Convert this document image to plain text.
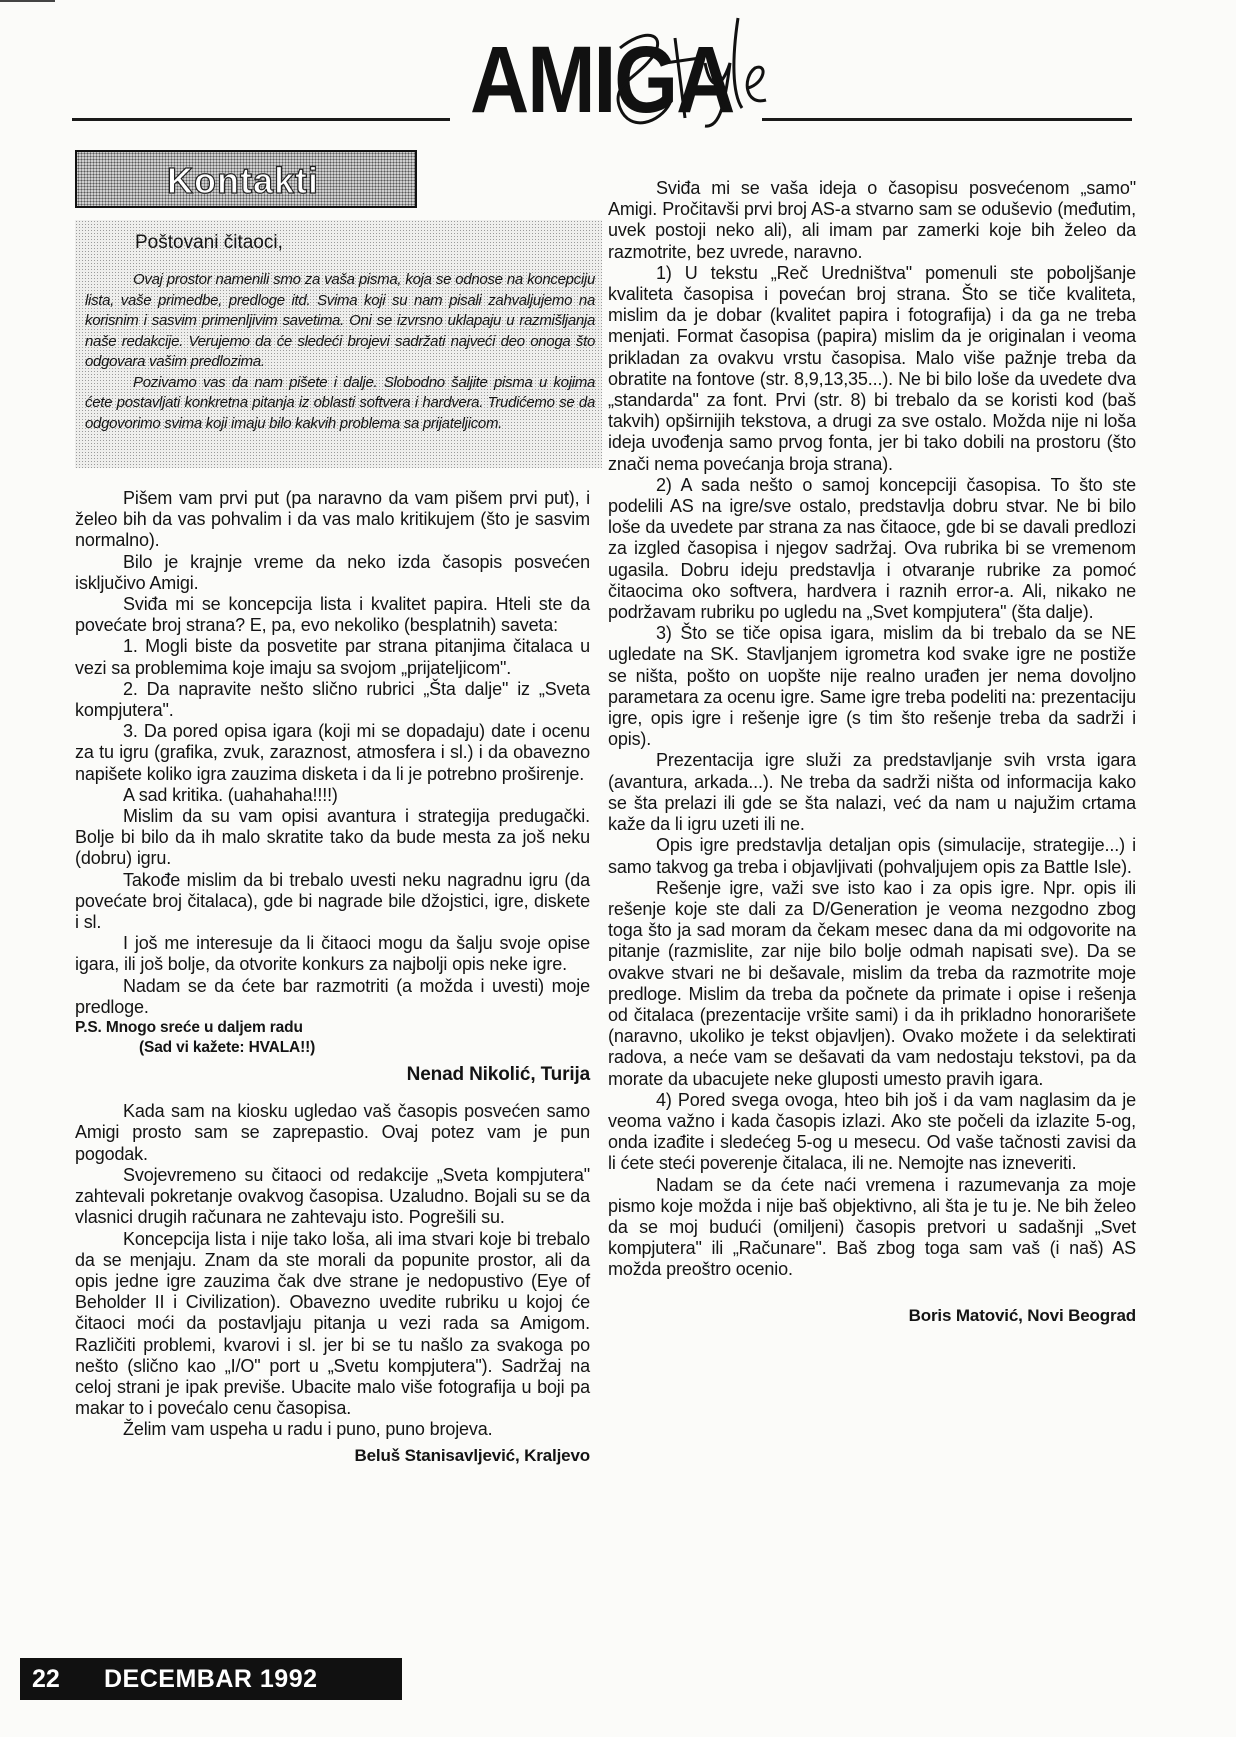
AMIGA
Kontakti
Poštovani čitaoci,

Ovaj prostor namenili smo za vaša pisma, koja se odnose na koncepciju lista, vaše primedbe, predloge itd. Svima koji su nam pisali zahvaljujemo na korisnim i sasvim primenljivim savetima. Oni se izvrsno uklapaju u razmišljanja naše redakcije. Verujemo da će sledeći brojevi sadržati najveći deo onoga što odgovara vašim predlozima.

Pozivamo vas da nam pišete i dalje. Slobodno šaljite pisma u kojima ćete postavljati konkretna pitanja iz oblasti softvera i hardvera. Trudićemo se da odgovorimo svima koji imaju bilo kakvih problema sa prijateljicom.

Pišem vam prvi put (pa naravno da vam pišem prvi put), i želeo bih da vas pohvalim i da vas malo kritikujem (što je sasvim normalno).

Bilo je krajnje vreme da neko izda časopis posvećen isključivo Amigi.

Sviđa mi se koncepcija lista i kvalitet papira. Hteli ste da povećate broj strana? E, pa, evo nekoliko (besplatnih) saveta:

1. Mogli biste da posvetite par strana pitanjima čitalaca u vezi sa problemima koje imaju sa svojom „prijateljicom".

2. Da napravite nešto slično rubrici „Šta dalje" iz „Sveta kompjutera".

3. Da pored opisa igara (koji mi se dopadaju) date i ocenu za tu igru (grafika, zvuk, zaraznost, atmosfera i sl.) i da obavezno napišete koliko igra zauzima disketa i da li je potrebno proširenje.

A sad kritika. (uahahaha!!!!)

Mislim da su vam opisi avantura i strategija predugački. Bolje bi bilo da ih malo skratite tako da bude mesta za još neku (dobru) igru.

Takođe mislim da bi trebalo uvesti neku nagradnu igru (da povećate broj čitalaca), gde bi nagrade bile džojstici, igre, diskete i sl.

I još me interesuje da li čitaoci mogu da šalju svoje opise igara, ili još bolje, da otvorite konkurs za najbolji opis neke igre.

Nadam se da ćete bar razmotriti (a možda i uvesti) moje predloge.

P.S. Mnogo sreće u daljem radu

(Sad vi kažete: HVALA!!)

Nenad Nikolić, Turija

Kada sam na kiosku ugledao vaš časopis posvećen samo Amigi prosto sam se zaprepastio. Ovaj potez vam je pun pogodak.

Svojevremeno su čitaoci od redakcije „Sveta kompjutera" zahtevali pokretanje ovakvog časopisa. Uzaludno. Bojali su se da vlasnici drugih računara ne zahtevaju isto. Pogrešili su.

Koncepcija lista i nije tako loša, ali ima stvari koje bi trebalo da se menjaju. Znam da ste morali da popunite prostor, ali da opis jedne igre zauzima čak dve strane je nedopustivo (Eye of Beholder II i Civilization). Obavezno uvedite rubriku u kojoj će čitaoci moći da postavljaju pitanja u vezi rada sa Amigom. Različiti problemi, kvarovi i sl. jer bi se tu našlo za svakoga po nešto (slično kao „I/O" port u „Svetu kompjutera"). Sadržaj na celoj strani je ipak previše. Ubacite malo više fotografija u boji pa makar to i povećalo cenu časopisa.

Želim vam uspeha u radu i puno, puno brojeva.

Beluš Stanisavljević, Kraljevo

Sviđa mi se vaša ideja o časopisu posvećenom „samo" Amigi. Pročitavši prvi broj AS-a stvarno sam se oduševio (međutim, uvek postoji neko ali), ali imam par zamerki koje bih želeo da razmotrite, bez uvrede, naravno.

1) U tekstu „Reč Uredništva" pomenuli ste poboljšanje kvaliteta časopisa i povećan broj strana. Što se tiče kvaliteta, mislim da je dobar (kvalitet papira i fotografija) i da ga ne treba menjati. Format časopisa (papira) mislim da je originalan i veoma prikladan za ovakvu vrstu časopisa. Malo više pažnje treba da obratite na fontove (str. 8,9,13,35...). Ne bi bilo loše da uvedete dva „standarda" za font. Prvi (str. 8) bi trebalo da se koristi kod (baš takvih) opširnijih tekstova, a drugi za sve ostalo. Možda nije ni loša ideja uvođenja samo prvog fonta, jer bi tako dobili na prostoru (što znači nema povećanja broja strana).

2) A sada nešto o samoj koncepciji časopisa. To što ste podelili AS na igre/sve ostalo, predstavlja dobru stvar. Ne bi bilo loše da uvedete par strana za nas čitaoce, gde bi se davali predlozi za izgled časopisa i njegov sadržaj. Ova rubrika bi se vremenom ugasila. Dobru ideju predstavlja i otvaranje rubrike za pomoć čitaocima oko softvera, hardvera i raznih error-a. Ali, nikako ne podržavam rubriku po ugledu na „Svet kompjutera" (šta dalje).

3) Što se tiče opisa igara, mislim da bi trebalo da se NE ugledate na SK. Stavljanjem igrometra kod svake igre ne postiže se ništa, pošto on uopšte nije realno urađen jer nema dovoljno parametara za ocenu igre. Same igre treba podeliti na: prezentaciju igre, opis igre i rešenje igre (s tim što rešenje treba da sadrži i opis).

Prezentacija igre služi za predstavljanje svih vrsta igara (avantura, arkada...). Ne treba da sadrži ništa od informacija kako se šta prelazi ili gde se šta nalazi, već da nam u najužim crtama kaže da li igru uzeti ili ne.

Opis igre predstavlja detaljan opis (simulacije, strategije...) i samo takvog ga treba i objavljivati (pohvaljujem opis za Battle Isle).

Rešenje igre, važi sve isto kao i za opis igre. Npr. opis ili rešenje koje ste dali za D/Generation je veoma nezgodno zbog toga što ja sad moram da čekam mesec dana da mi odgovorite na pitanje (razmislite, zar nije bilo bolje odmah napisati sve). Da se ovakve stvari ne bi dešavale, mislim da treba da razmotrite moje predloge. Mislim da treba da počnete da primate i opise i rešenja od čitalaca (prezentacije vršite sami) i da ih prikladno honorarišete (naravno, ukoliko je tekst objavljen). Ovako možete i da selektirati radova, a neće vam se dešavati da vam nedostaju tekstovi, pa da morate da ubacujete neke gluposti umesto pravih igara.

4) Pored svega ovoga, hteo bih još i da vam naglasim da je veoma važno i kada časopis izlazi. Ako ste počeli da izlazite 5-og, onda izađite i sledećeg 5-og u mesecu. Od vaše tačnosti zavisi da li ćete steći poverenje čitalaca, ili ne. Nemojte nas izneveriti.

Nadam se da ćete naći vremena i razumevanja za moje pismo koje možda i nije baš objektivno, ali šta je tu je. Ne bih želeo da se moj budući (omiljeni) časopis pretvori u sadašnji „Svet kompjutera" ili „Računare". Baš zbog toga sam vaš (i naš) AS možda preoštro ocenio.

Boris Matović, Novi Beograd

22 DECEMBAR 1992
